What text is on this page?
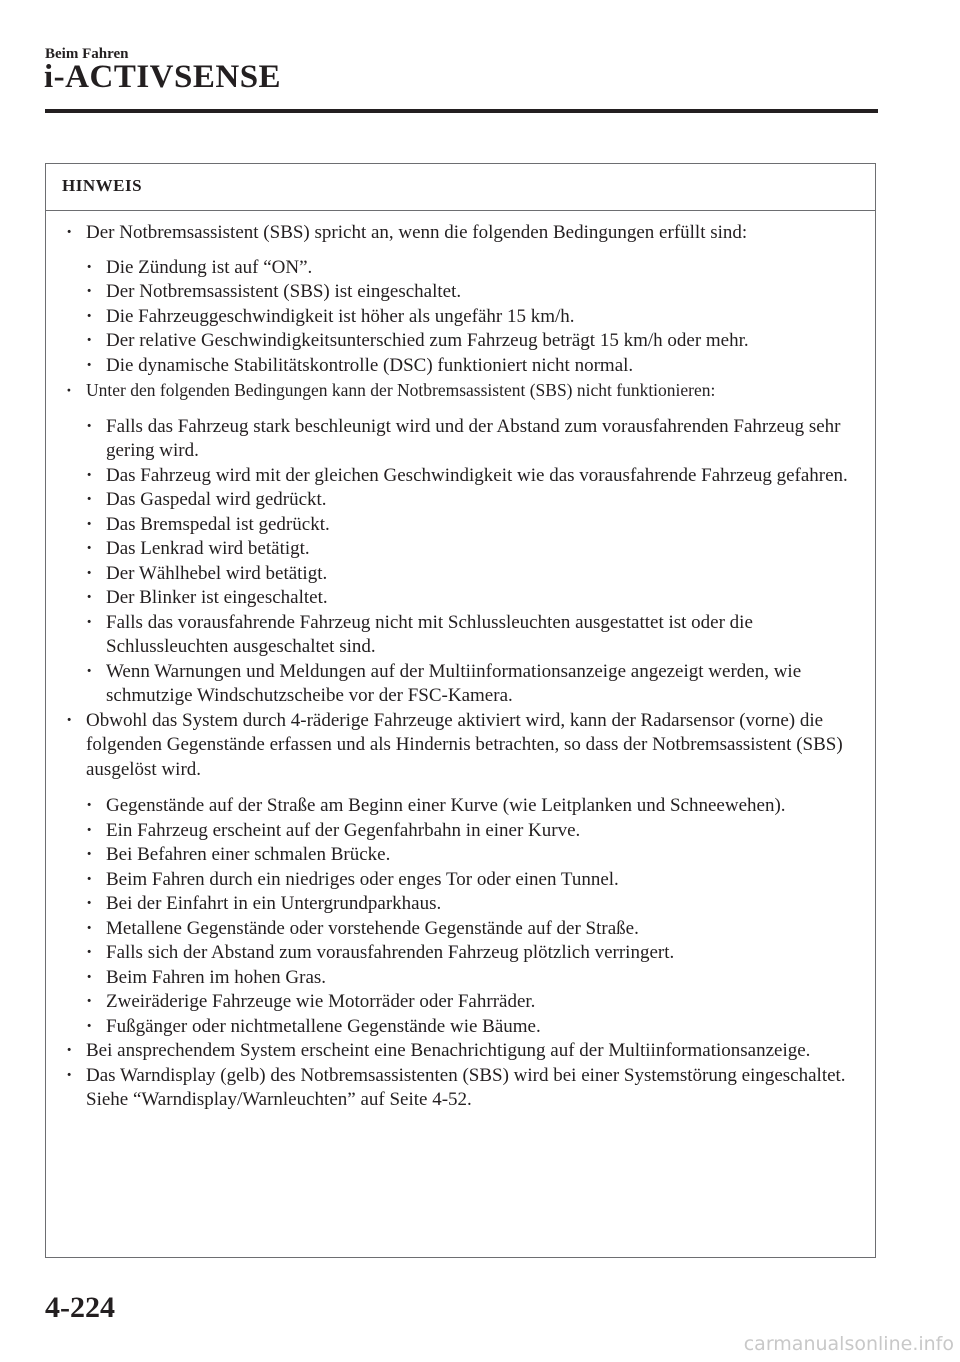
Beim Fahren
i-ACTIVSENSE
HINWEIS
· Der Notbremsassistent (SBS) spricht an, wenn die folgenden Bedingungen erfüllt sind:
· Die Zündung ist auf “ON”.
· Der Notbremsassistent (SBS) ist eingeschaltet.
· Die Fahrzeuggeschwindigkeit ist höher als ungefähr 15 km/h.
· Der relative Geschwindigkeitsunterschied zum Fahrzeug beträgt 15 km/h oder mehr.
· Die dynamische Stabilitätskontrolle (DSC) funktioniert nicht normal.
· Unter den folgenden Bedingungen kann der Notbremsassistent (SBS) nicht funktionieren:
· Falls das Fahrzeug stark beschleunigt wird und der Abstand zum vorausfahrenden Fahrzeug sehr gering wird.
· Das Fahrzeug wird mit der gleichen Geschwindigkeit wie das vorausfahrende Fahrzeug gefahren.
· Das Gaspedal wird gedrückt.
· Das Bremspedal ist gedrückt.
· Das Lenkrad wird betätigt.
· Der Wählhebel wird betätigt.
· Der Blinker ist eingeschaltet.
· Falls das vorausfahrende Fahrzeug nicht mit Schlussleuchten ausgestattet ist oder die Schlussleuchten ausgeschaltet sind.
· Wenn Warnungen und Meldungen auf der Multiinformationsanzeige angezeigt werden, wie schmutzige Windschutzscheibe vor der FSC-Kamera.
· Obwohl das System durch 4-räderige Fahrzeuge aktiviert wird, kann der Radarsensor (vorne) die folgenden Gegenstände erfassen und als Hindernis betrachten, so dass der Notbremsassistent (SBS) ausgelöst wird.
· Gegenstände auf der Straße am Beginn einer Kurve (wie Leitplanken und Schneewehen).
· Ein Fahrzeug erscheint auf der Gegenfahrbahn in einer Kurve.
· Bei Befahren einer schmalen Brücke.
· Beim Fahren durch ein niedriges oder enges Tor oder einen Tunnel.
· Bei der Einfahrt in ein Untergrundparkhaus.
· Metallene Gegenstände oder vorstehende Gegenstände auf der Straße.
· Falls sich der Abstand zum vorausfahrenden Fahrzeug plötzlich verringert.
· Beim Fahren im hohen Gras.
· Zweiräderige Fahrzeuge wie Motorräder oder Fahrräder.
· Fußgänger oder nichtmetallene Gegenstände wie Bäume.
· Bei ansprechendem System erscheint eine Benachrichtigung auf der Multiinformationsanzeige.
· Das Warndisplay (gelb) des Notbremsassistenten (SBS) wird bei einer Systemstörung eingeschaltet.
Siehe “Warndisplay/Warnleuchten” auf Seite 4-52.
4-224
carmanualsonline.info
